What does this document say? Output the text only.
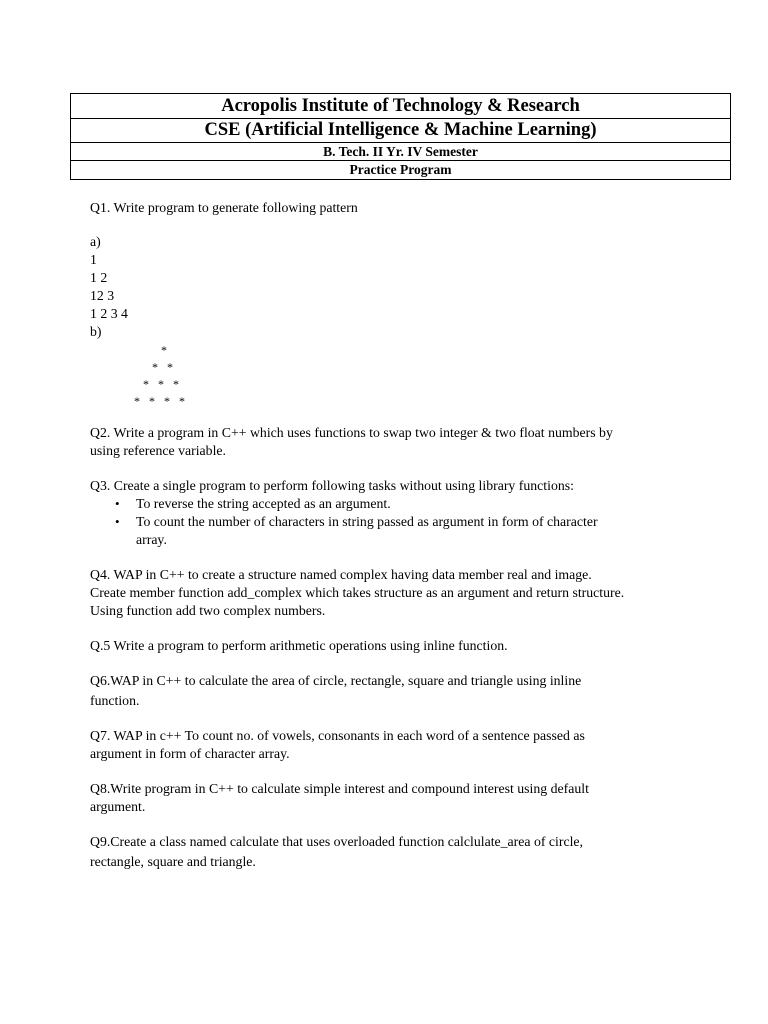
Acropolis Institute of Technology & Research
CSE (Artificial Intelligence & Machine Learning)
B. Tech. II Yr. IV Semester
Practice Program

Q1. Write program to generate following pattern

a)

1

1 2

12 3

1 2 3 4

b)

*
*   *
*   *   *
*   *   *   *

Q2. Write a program in C++ which uses functions to swap two integer & two float numbers by

using reference variable.

Q3. Create a single program to perform following tasks without using library functions:

• To reverse the string accepted as an argument.
• To count the number of characters in string passed as argument in form of character
array.

Q4. WAP in C++ to create a structure named complex having data member real and image.

Create member function add_complex which takes structure as an argument and return structure.

Using function add two complex numbers.

Q.5 Write a program to perform arithmetic operations using inline function.

Q6.WAP in C++ to calculate the area of circle, rectangle, square and triangle using inline

function.

Q7. WAP in c++ To count no. of vowels, consonants in each word of a sentence passed as

argument in form of character array.

Q8.Write program in C++ to calculate simple interest and compound interest using default

argument.

Q9.Create a class named calculate that uses overloaded function calclulate_area of circle,

rectangle, square and triangle.
